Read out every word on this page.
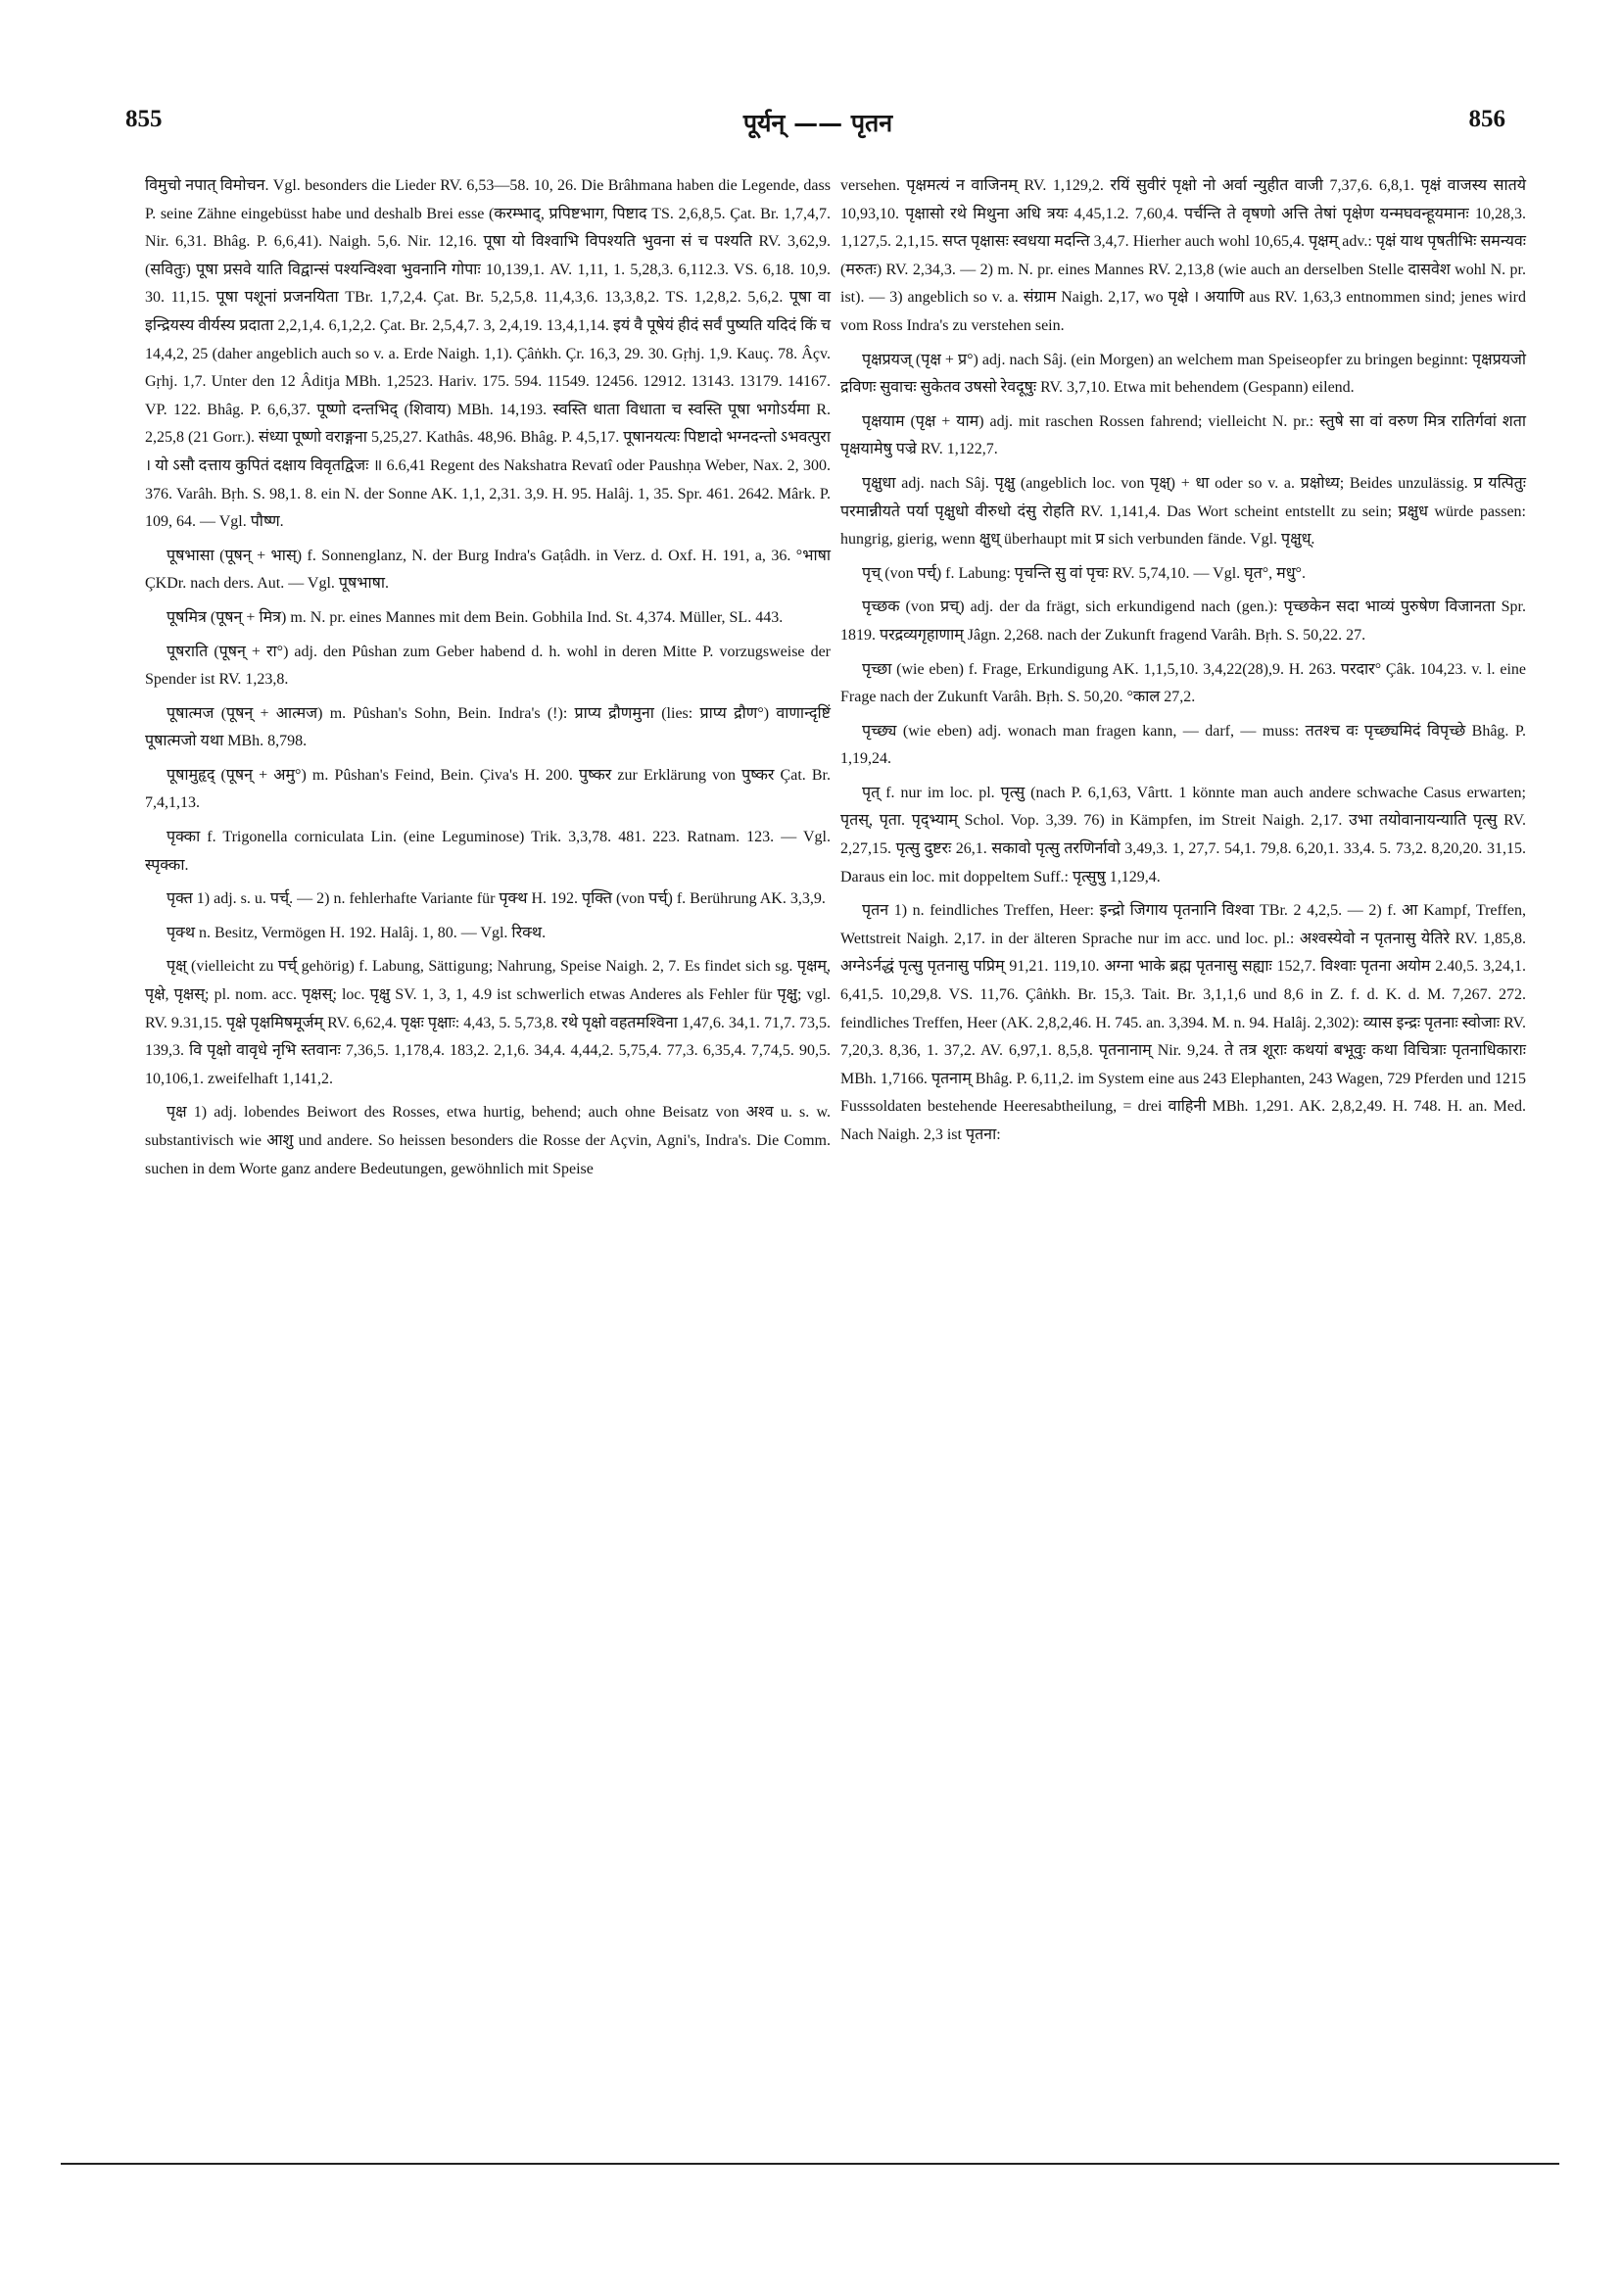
855	पूर्यन् —— पृतन	856

विमुचो नपात् विमोचन. Vgl. besonders die Lieder RV. 6,53—58. 10, 26. Die Brâhmana haben die Legende, dass P. seine Zähne eingebüsst habe und deshalb Brei esse (करम्भाद्, प्रपिष्टभाग, पिष्टाद TS. 2,6,8,5. Çat. Br. 1,7,4,7. Nir. 6,31. Bhâg. P. 6,6,41). Naigh. 5,6. Nir. 12,16. पूषा यो विश्वाभि विपश्यति भुवना सं च पश्यति RV. 3,62,9. (सवितुः) पूषा प्रसवे याति विद्वान्सं पश्यन्विश्वा भुवनानि गोपाः 10,139,1. AV. 1,11, 1. 5,28,3. 6,112.3. VS. 6,18. 10,9. 30. 11,15. पूषा पशूनां प्रजनयिता TBr. 1,7,2,4. Çat. Br. 5,2,5,8. 11,4,3,6. 13,3,8,2. TS. 1,2,8,2. 5,6,2. पूषा वा इन्द्रियस्य वीर्यस्य प्रदाता 2,2,1,4. 6,1,2,2. Çat. Br. 2,5,4,7. 3, 2,4,19. 13,4,1,14. इयं वै पूषेयं हीदं सर्वं पुष्यति यदिदं किं च 14,4,2, 25 (daher angeblich auch so v. a. Erde Naigh. 1,1). Çâṅkh. Çr. 16,3, 29. 30. Gṛhj. 1,9. Kauç. 78. Âçv. Gṛhj. 1,7. Unter den 12 Âditja MBh. 1,2523. Hariv. 175. 594. 11549. 12456. 12912. 13143. 13179. 14167. VP. 122. Bhâg. P. 6,6,37. पूष्णो दन्तभिद् (शिवाय) MBh. 14,193. स्वस्ति धाता विधाता च स्वस्ति पूषा भगोऽर्यमा R. 2,25,8 (21 Gorr.). संध्या पूष्णो वराङ्गना 5,25,27. Kathâs. 48,96. Bhâg. P. 4,5,17. पूषानयत्यः पिष्टादो भग्नदन्तो ऽभवत्पुरा । यो ऽसौ दत्ताय कुपितं दक्षाय विवृतद्विजः ॥ 6.6,41 Regent des Nakshatra Revatî oder Paushṇa Weber, Nax. 2, 300. 376. Varâh. Bṛh. S. 98,1. 8. ein N. der Sonne AK. 1,1, 2,31. 3,9. H. 95. Halâj. 1, 35. Spr. 461. 2642. Mârk. P. 109, 64. — Vgl. पौष्ण.

पूषभासा (पूषन् + भास्) f. Sonnenglanz, N. der Burg Indra's Gaṭâdh. in Verz. d. Oxf. H. 191, a, 36. °भाषा ÇKDr. nach ders. Aut. — Vgl. पूषभाषा.

पूषमित्र (पूषन् + मित्र) m. N. pr. eines Mannes mit dem Bein. Gobhila Ind. St. 4,374. Müller, SL. 443.

पूषराति (पूषन् + रा°) adj. den Pûshan zum Geber habend d. h. wohl in deren Mitte P. vorzugsweise der Spender ist RV. 1,23,8.

पूषात्मज (पूषन् + आत्मज) m. Pûshan's Sohn, Bein. Indra's (!): प्राप्य द्रौणमुना (lies: प्राप्य द्रौण°) वाणान्दृष्टिं पूषात्मजो यथा MBh. 8,798.

पूषामुहृद् (पूषन् + अमु°) m. Pûshan's Feind, Bein. Çiva's H. 200. पुष्कर zur Erklärung von पुष्कर Çat. Br. 7,4,1,13.

पृक्का f. Trigonella corniculata Lin. (eine Leguminose) Trik. 3,3,78. 481. 223. Ratnam. 123. — Vgl. स्पृक्का.

पृक्त 1) adj. s. u. पर्च्. — 2) n. fehlerhafte Variante für पृक्थ H. 192. पृक्ति (von पर्च्) f. Berührung AK. 3,3,9.

पृक्थ n. Besitz, Vermögen H. 192. Halâj. 1, 80. — Vgl. रिक्थ.

पृक्ष् (vielleicht zu पर्च् gehörig) f. Labung, Sättigung; Nahrung, Speise Naigh. 2, 7. Es findet sich sg. पृक्षम्, पृक्षे, पृक्षस्; pl. nom. acc. पृक्षस्; loc. पृक्षु SV. 1, 3, 1, 4.9 ist schwerlich etwas Anderes als Fehler für पृक्षु; vgl. RV. 9.31,15. पृक्षे पृक्षमिषमूर्जम् RV. 6,62,4. पृक्षः पृक्षाः: 4,43, 5. 5,73,8. रथे पृक्षो वहतमश्विना 1,47,6. 34,1. 71,7. 73,5. 139,3. वि पृक्षो वावृधे नृभि स्तवानः 7,36,5. 1,178,4. 183,2. 2,1,6. 34,4. 4,44,2. 5,75,4. 77,3. 6,35,4. 7,74,5. 90,5. 10,106,1. zweifelhaft 1,141,2.

पृक्ष 1) adj. lobendes Beiwort des Rosses, etwa hurtig, behend; auch ohne Beisatz von अश्व u. s. w. substantivisch wie आशु und andere. So heissen besonders die Rosse der Açvin, Agni's, Indra's. Die Comm. suchen in dem Worte ganz andere Bedeutungen, gewöhnlich mit Speise

versehen. पृक्षमत्यं न वाजिनम् RV. 1,129,2. रयिं सुवीरं पृक्षो नो अर्वा न्युहीत वाजी 7,37,6. 6,8,1. पृक्षं वाजस्य सातये 10,93,10. पृक्षासो रथे मिथुना अधि त्रयः 4,45,1.2. 7,60,4. पर्चन्ति ते वृषणो अत्ति तेषां पृक्षेण यन्मघवन्हूयमानः 10,28,3. 1,127,5. 2,1,15. सप्त पृक्षासः स्वधया मदन्ति 3,4,7. Hierher auch wohl 10,65,4. पृक्षम् adv.: पृक्षं याथ पृषतीभिः समन्यवः (मरुतः) RV. 2,34,3. — 2) m. N. pr. eines Mannes RV. 2,13,8 (wie auch an derselben Stelle दासवेश wohl N. pr. ist). — 3) angeblich so v. a. संग्राम Naigh. 2,17, wo पृक्षे । अयाणि aus RV. 1,63,3 entnommen sind; jenes wird vom Ross Indra's zu verstehen sein.

पृक्षप्रयज् (पृक्ष + प्र°) adj. nach Sâj. (ein Morgen) an welchem man Speiseopfer zu bringen beginnt: पृक्षप्रयजो द्रविणः सुवाचः सुकेतव उषसो रेवदूषुः RV. 3,7,10. Etwa mit behendem (Gespann) eilend.

पृक्षयाम (पृक्ष + याम) adj. mit raschen Rossen fahrend; vielleicht N. pr.: स्तुषे सा वां वरुण मित्र रातिर्गवां शता पृक्षयामेषु पज्रे RV. 1,122,7.

पृक्षुधा adj. nach Sâj. पृक्षु (angeblich loc. von पृक्ष्) + धा oder so v. a. प्रक्षोध्य; Beides unzulässig. प्र यत्पितुः परमान्नीयते पर्या पृक्षुधो वीरुधो दंसु रोहति RV. 1,141,4. Das Wort scheint entstellt zu sein; प्रक्षुध würde passen: hungrig, gierig, wenn क्षुध् überhaupt mit प्र sich verbunden fände. Vgl. पृक्षुध्.

पृच् (von पर्च्) f. Labung: पृचन्ति सु वां पृचः RV. 5,74,10. — Vgl. घृत°, मधु°.

पृच्छक (von प्रच्) adj. der da frägt, sich erkundigend nach (gen.): पृच्छकेन सदा भाव्यं पुरुषेण विजानता Spr. 1819. परद्रव्यगृहाणाम् Jâgn. 2,268. nach der Zukunft fragend Varâh. Bṛh. S. 50,22. 27.

पृच्छा (wie eben) f. Frage, Erkundigung AK. 1,1,5,10. 3,4,22(28),9. H. 263. परदार° Çâk. 104,23. v. l. eine Frage nach der Zukunft Varâh. Bṛh. S. 50,20. °काल 27,2.

पृच्छ्य (wie eben) adj. wonach man fragen kann, — darf, — muss: ततश्च वः पृच्छ्यमिदं विपृच्छे Bhâg. P. 1,19,24.

पृत् f. nur im loc. pl. पृत्सु (nach P. 6,1,63, Vârtt. 1 könnte man auch andere schwache Casus erwarten; पृतस्, पृता. पृद्भ्याम् Schol. Vop. 3,39. 76) in Kämpfen, im Streit Naigh. 2,17. उभा तयोवानायन्याति पृत्सु RV. 2,27,15. पृत्सु दुष्टरः 26,1. सकावो पृत्सु तरणिर्नावो 3,49,3. 1, 27,7. 54,1. 79,8. 6,20,1. 33,4. 5. 73,2. 8,20,20. 31,15. Daraus ein loc. mit doppeltem Suff.: पृत्सुषु 1,129,4.

पृतन 1) n. feindliches Treffen, Heer: इन्द्रो जिगाय पृतनानि विश्वा TBr. 2 4,2,5. — 2) f. आ Kampf, Treffen, Wettstreit Naigh. 2,17. in der älteren Sprache nur im acc. und loc. pl.: अश्वस्येवो न पृतनासु येतिरे RV. 1,85,8. अग्नेऽर्नद्धं पृत्सु पृतनासु पप्रिम् 91,21. 119,10. अग्ना भाके ब्रह्म पृतनासु सह्याः 152,7. विश्वाः पृतना अयोम 2.40,5. 3,24,1. 6,41,5. 10,29,8. VS. 11,76. Çâṅkh. Br. 15,3. Tait. Br. 3,1,1,6 und 8,6 in Z. f. d. K. d. M. 7,267. 272. feindliches Treffen, Heer (AK. 2,8,2,46. H. 745. an. 3,394. M. n. 94. Halâj. 2,302): व्यास इन्द्रः पृतनाः स्वोजाः RV. 7,20,3. 8,36, 1. 37,2. AV. 6,97,1. 8,5,8. पृतनानाम् Nir. 9,24. ते तत्र शूराः कथयां बभूवुः कथा विचित्राः पृतनाधिकाराः MBh. 1,7166. पृतनाम् Bhâg. P. 6,11,2. im System eine aus 243 Elephanten, 243 Wagen, 729 Pferden und 1215 Fusssoldaten bestehende Heeresabtheilung, = drei वाहिनी MBh. 1,291. AK. 2,8,2,49. H. 748. H. an. Med. Nach Naigh. 2,3 ist पृतना:
